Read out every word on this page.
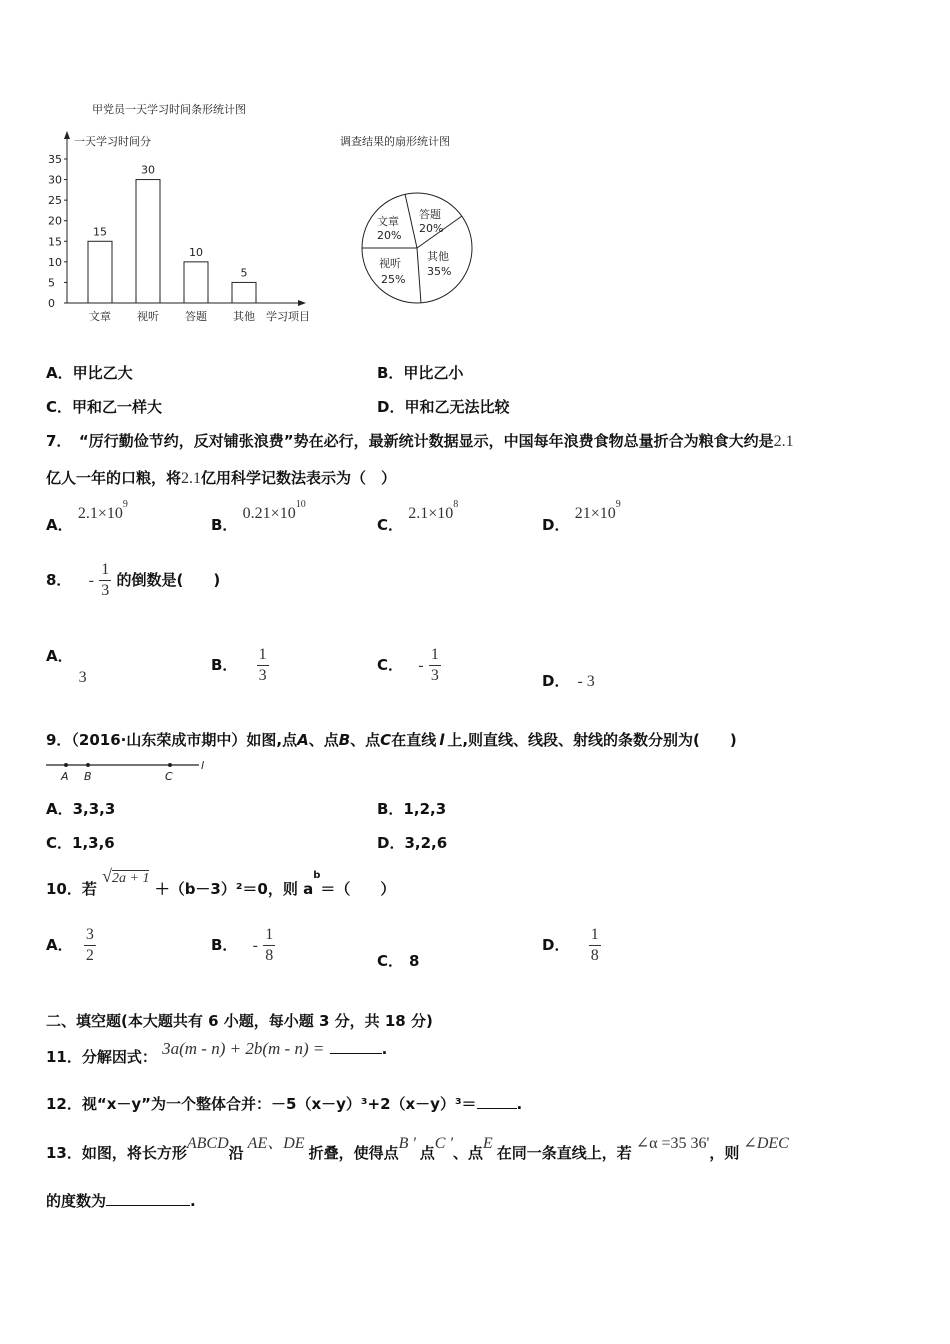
甲党员一天学习时间条形统计图
一天学习时间分
0
5
10
15
20
25
30
35
15
文章
30
视听
10
答题
5
其他 学习项目
调查结果的扇形统计图
文章
20%
答题
20%
其他
35%
视听
25%
A．甲比乙大	B．甲比乙小
C．甲和乙一样大	D．甲和乙无法比较
7．　“厉行勤俭节约，反对铺张浪费”势在必行，最新统计数据显示，中国每年浪费食物总量折合为粮食大约是2.1
亿人一年的口粮，将2.1亿用科学记数法表示为（　）
A． $2.1\times 10^9$
B． $0.21\times 10^{10}$
C． $2.1\times 10^8$
D． $21\times 10^9$
8． - $\frac{1}{3}$ 的倒数是(　　)
A．3
B． $\frac{1}{3}$	C． - $\frac{1}{3}$	D． - 3
9．（2016·山东荣成市期中）如图,点A、点B、点C在直线 l 上,则直线、线段、射线的条数分别为(　　)
A B	C
l
A．3,3,3	B．1,2,3
C．1,3,6	D．3,2,6
10．若 √2a + 1 ＋（b－3）²＝0，则 $a^b=$（　　）
A． $\frac{3}{2}$	B． - $\frac{1}{8}$	C． 8
D． $\frac{1}{8}$
二、填空题(本大题共有 6 小题，每小题 3 分，共 18 分)
11．分解因式： 3a(m - n) + 2b(m - n) =	.
12．视“x－y”为一个整体合并：－5（x－y）³+2（x－y）³＝	.
13．如图，将长方形ABCD沿AE、DE折叠，使得点B '点C '、点E在同一条直线上，若∠α =35 36'，则∠DEC
的度数为	.
